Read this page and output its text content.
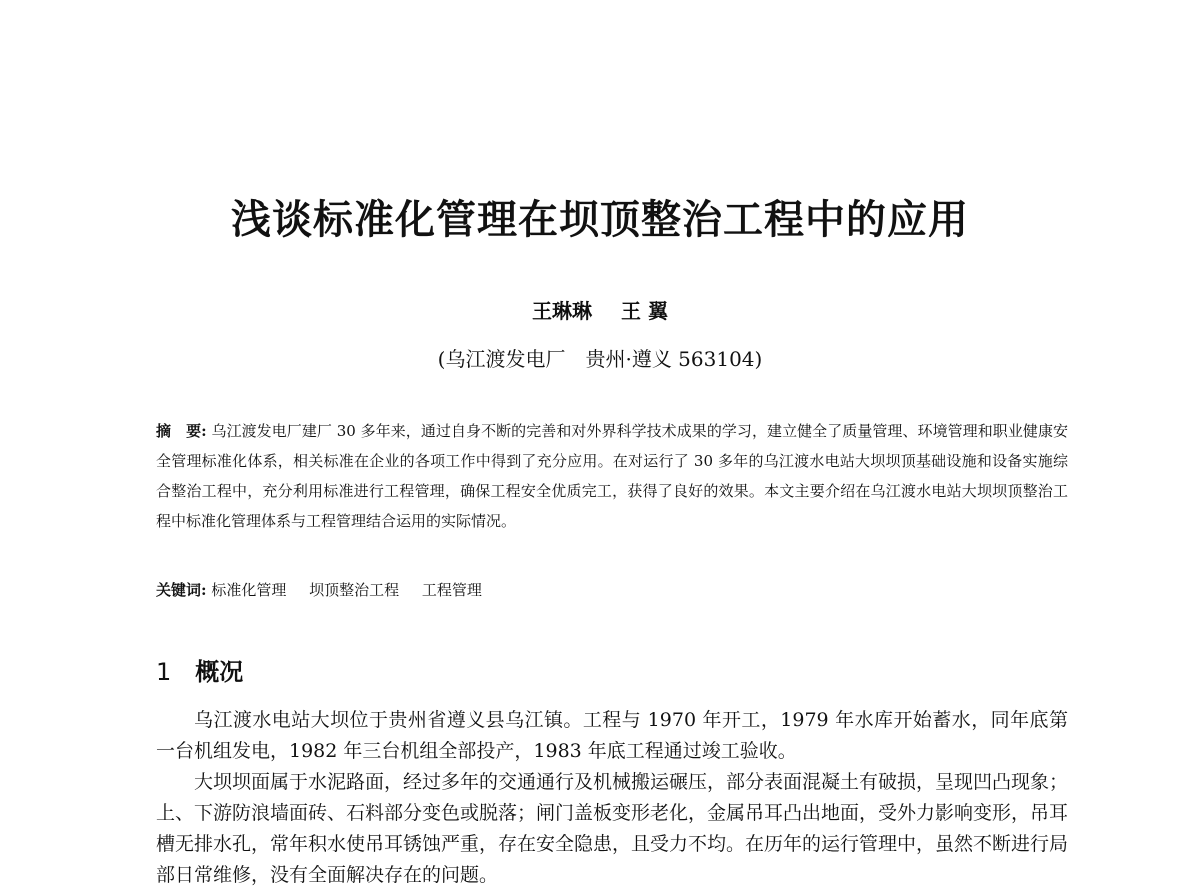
浅谈标准化管理在坝顶整治工程中的应用
王琳琳 王 翼
(乌江渡发电厂　贵州·遵义 563104)
摘　要: 乌江渡发电厂建厂 30 多年来，通过自身不断的完善和对外界科学技术成果的学习，建立健全了质量管理、环境管理和职业健康安全管理标准化体系，相关标准在企业的各项工作中得到了充分应用。在对运行了 30 多年的乌江渡水电站大坝坝顶基础设施和设备实施综合整治工程中，充分利用标准进行工程管理，确保工程安全优质完工，获得了良好的效果。本文主要介绍在乌江渡水电站大坝坝顶整治工程中标准化管理体系与工程管理结合运用的实际情况。
关键词: 标准化管理 坝顶整治工程 工程管理
1 概况

乌江渡水电站大坝位于贵州省遵义县乌江镇。工程与 1970 年开工，1979 年水库开始蓄水，同年底第一台机组发电，1982 年三台机组全部投产，1983 年底工程通过竣工验收。

大坝坝面属于水泥路面，经过多年的交通通行及机械搬运碾压，部分表面混凝土有破损，呈现凹凸现象；上、下游防浪墙面砖、石料部分变色或脱落；闸门盖板变形老化，金属吊耳凸出地面，受外力影响变形，吊耳槽无排水孔，常年积水使吊耳锈蚀严重，存在安全隐患，且受力不均。在历年的运行管理中，虽然不断进行局部日常维修，没有全面解决存在的问题。
